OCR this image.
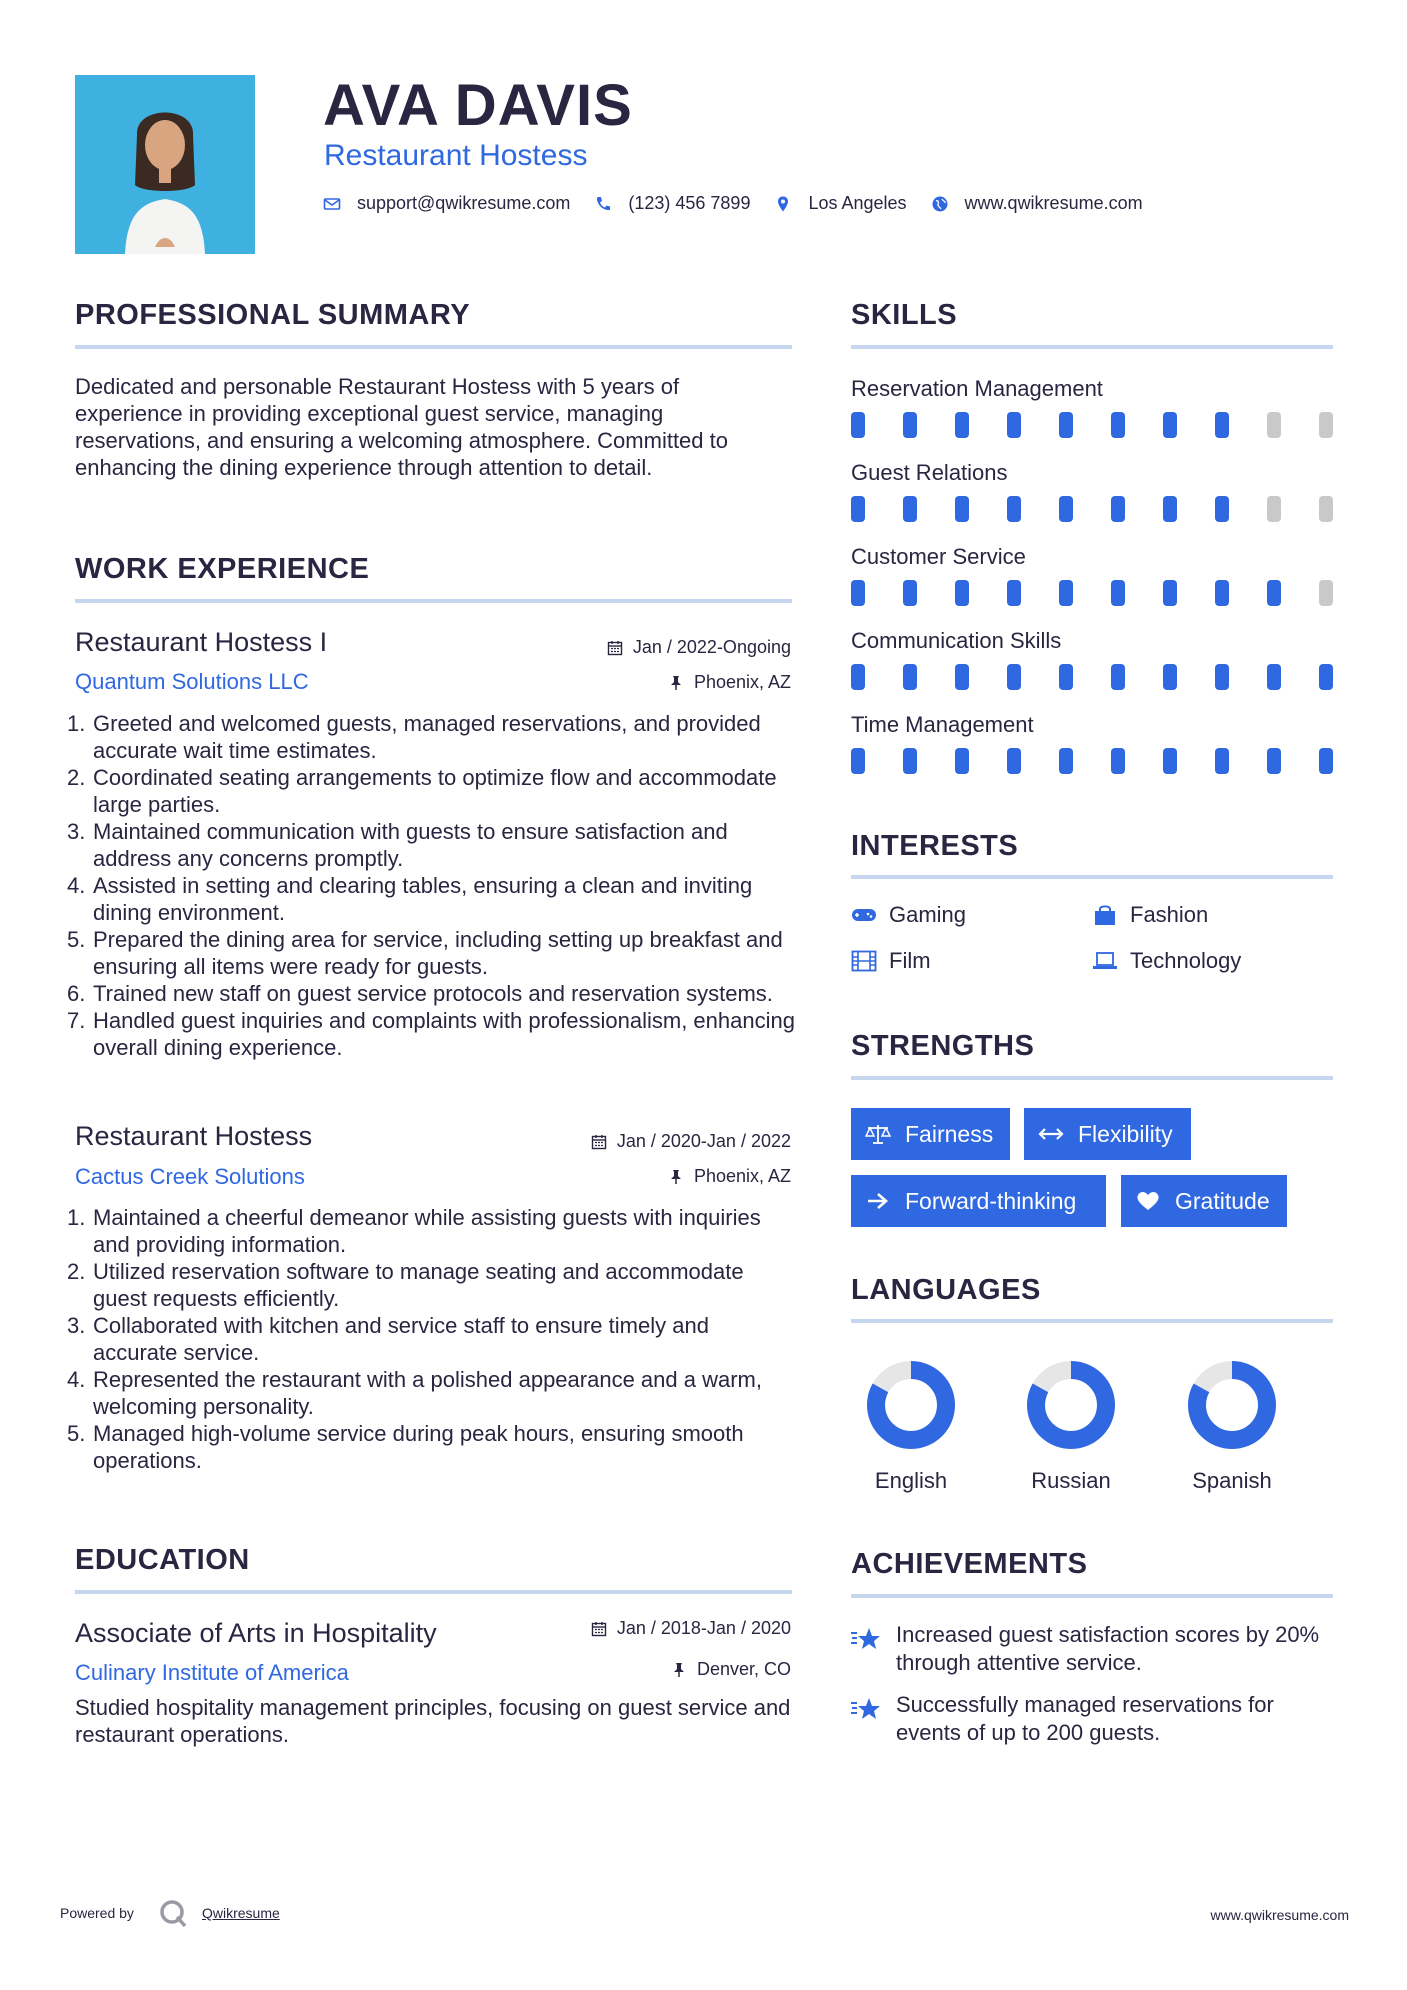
AVA DAVIS
Restaurant Hostess
support@qwikresume.com	(123) 456 7899	Los Angeles	www.qwikresume.com
PROFESSIONAL SUMMARY
Dedicated and personable Restaurant Hostess with 5 years of experience in providing exceptional guest service, managing reservations, and ensuring a welcoming atmosphere. Committed to enhancing the dining experience through attention to detail.
WORK EXPERIENCE
Restaurant Hostess I	Jan / 2022-Ongoing
Quantum Solutions LLC	Phoenix, AZ
Greeted and welcomed guests, managed reservations, and provided accurate wait time estimates.
Coordinated seating arrangements to optimize flow and accommodate large parties.
Maintained communication with guests to ensure satisfaction and address any concerns promptly.
Assisted in setting and clearing tables, ensuring a clean and inviting dining environment.
Prepared the dining area for service, including setting up breakfast and ensuring all items were ready for guests.
Trained new staff on guest service protocols and reservation systems.
Handled guest inquiries and complaints with professionalism, enhancing overall dining experience.
Restaurant Hostess	Jan / 2020-Jan / 2022
Cactus Creek Solutions	Phoenix, AZ
Maintained a cheerful demeanor while assisting guests with inquiries and providing information.
Utilized reservation software to manage seating and accommodate guest requests efficiently.
Collaborated with kitchen and service staff to ensure timely and accurate service.
Represented the restaurant with a polished appearance and a warm, welcoming personality.
Managed high-volume service during peak hours, ensuring smooth operations.
EDUCATION
Associate of Arts in Hospitality	Jan / 2018-Jan / 2020
Culinary Institute of America	Denver, CO
Studied hospitality management principles, focusing on guest service and restaurant operations.
SKILLS
Reservation Management
Guest Relations
Customer Service
Communication Skills
Time Management
INTERESTS
Gaming	Fashion
Film	Technology
STRENGTHS
Fairness	Flexibility
Forward-thinking	Gratitude
LANGUAGES
English	Russian	Spanish
ACHIEVEMENTS
Increased guest satisfaction scores by 20% through attentive service.
Successfully managed reservations for events of up to 200 guests.
Powered by	Qwikresume	www.qwikresume.com
